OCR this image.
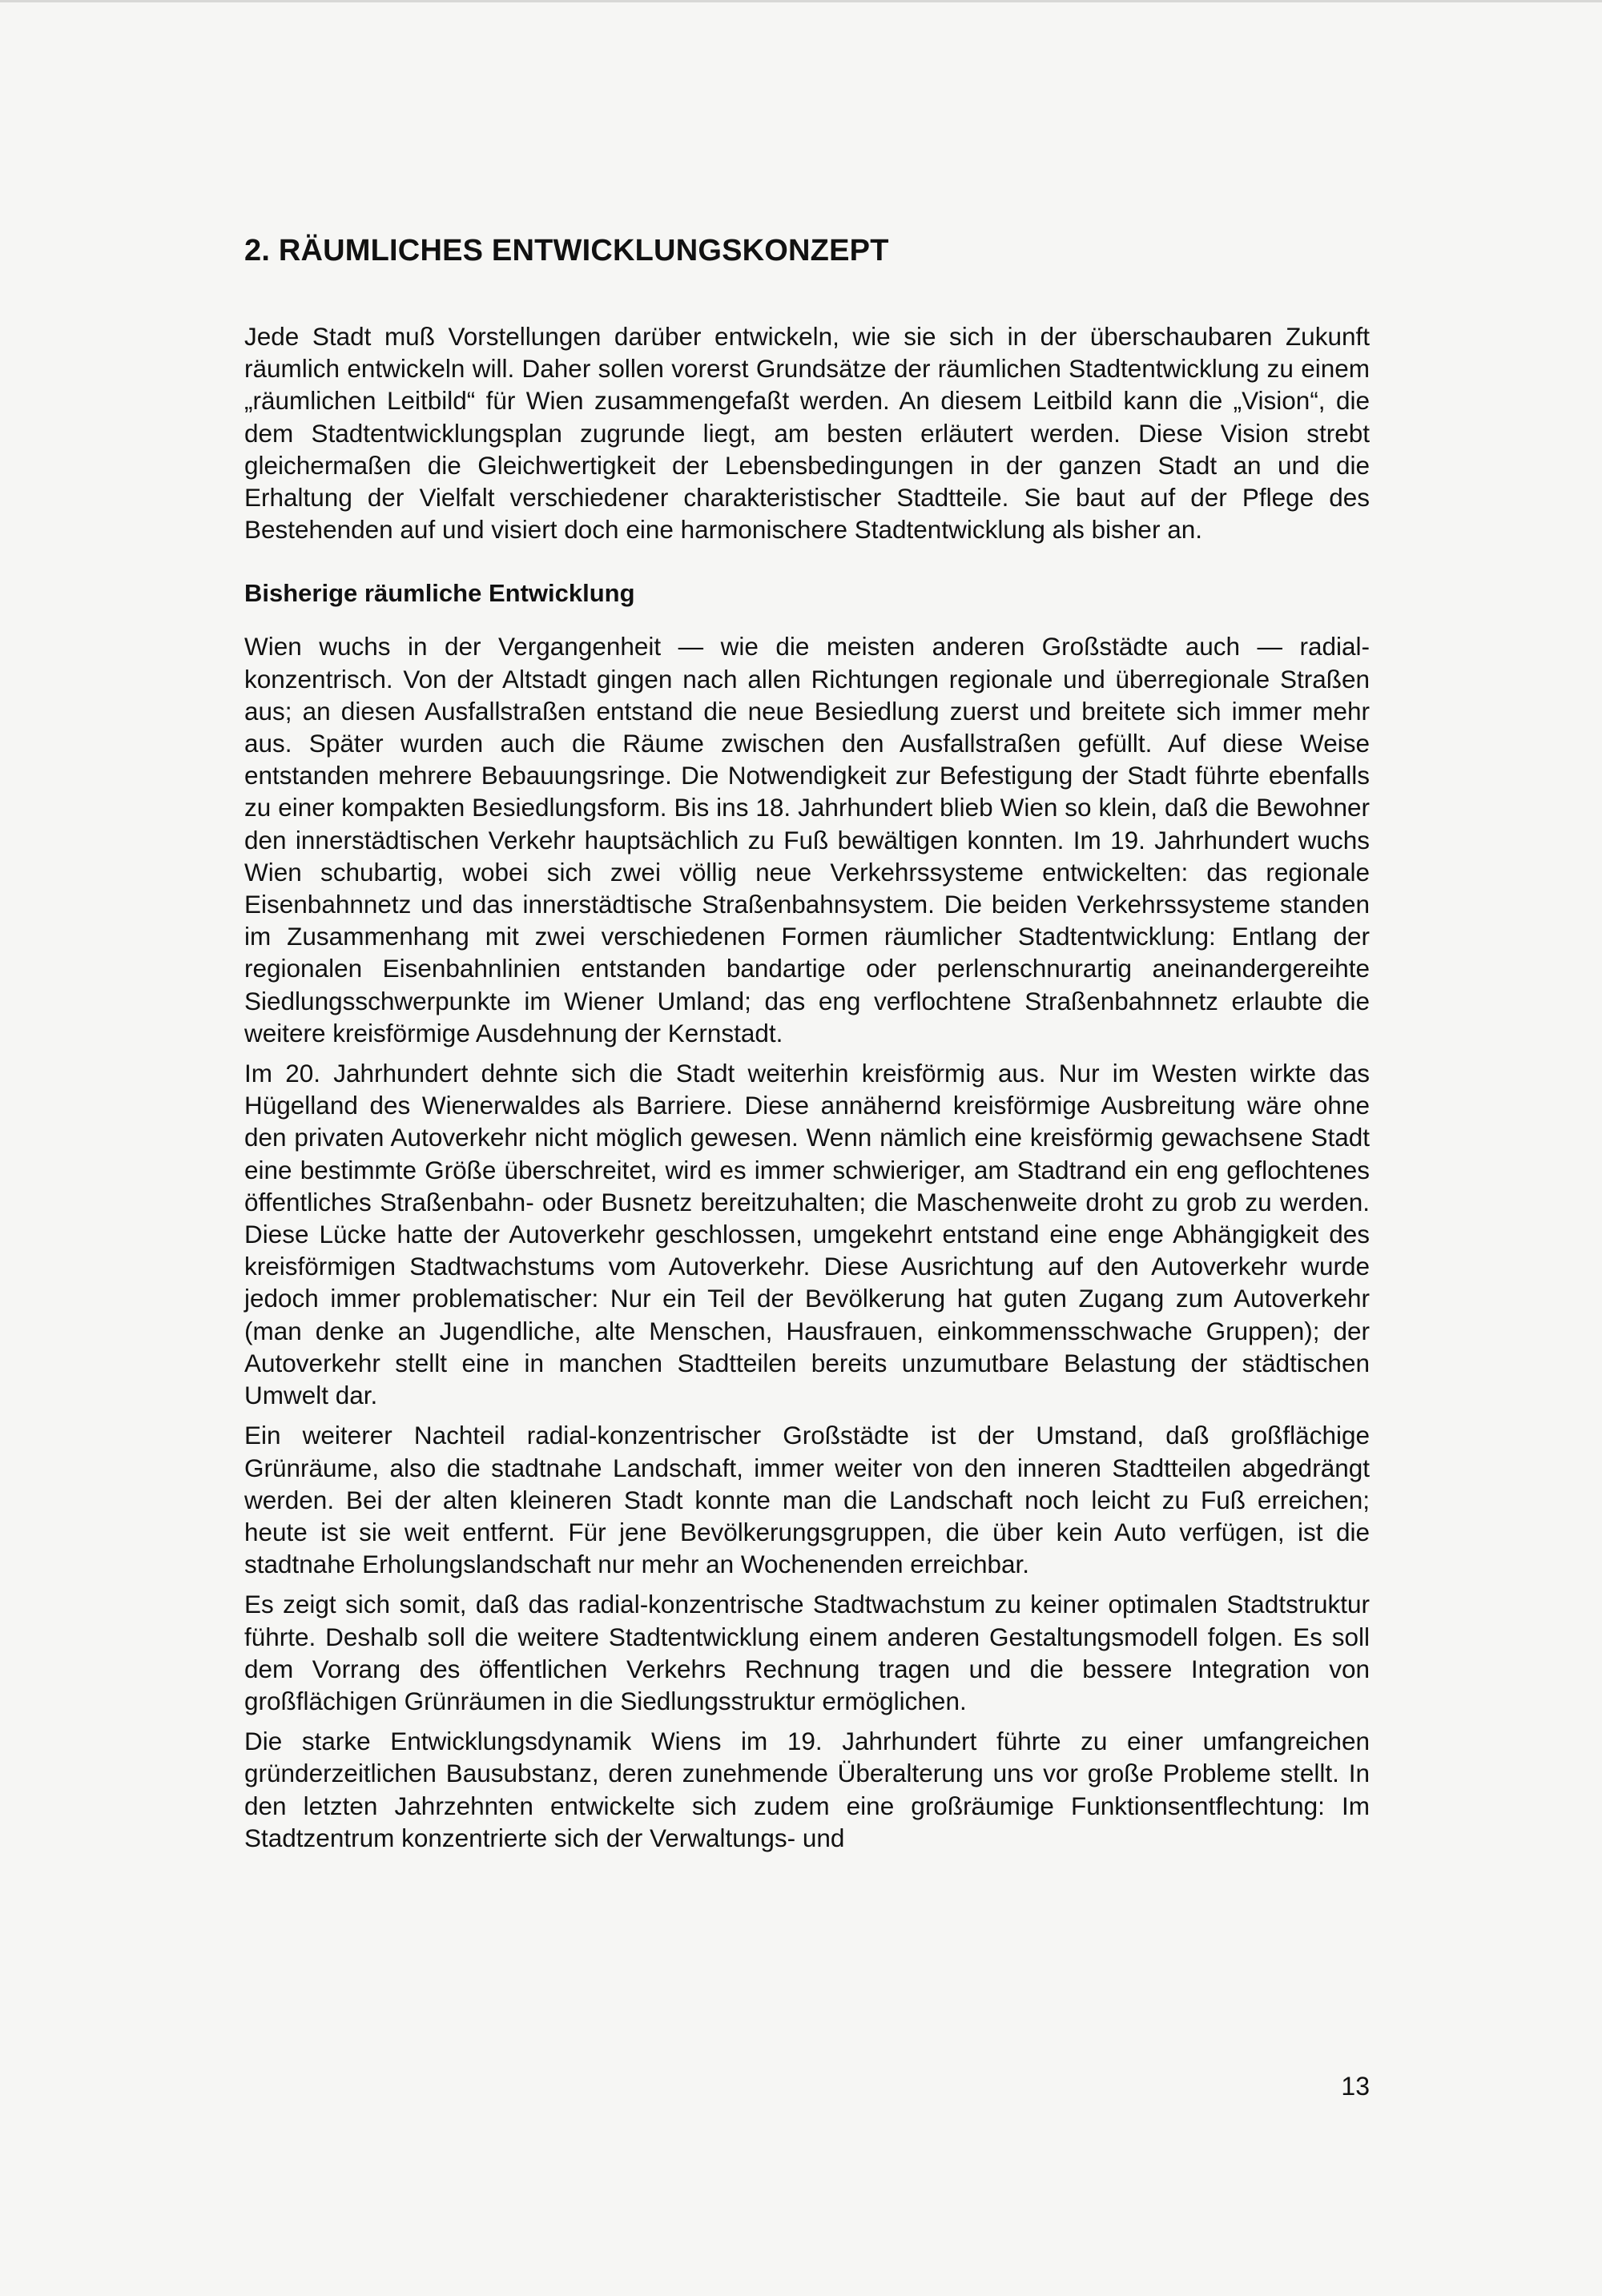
2. RÄUMLICHES ENTWICKLUNGSKONZEPT

Jede Stadt muß Vorstellungen darüber entwickeln, wie sie sich in der überschaubaren Zukunft räumlich entwickeln will. Daher sollen vorerst Grundsätze der räumlichen Stadtentwicklung zu einem „räumlichen Leitbild“ für Wien zusammengefaßt werden. An diesem Leitbild kann die „Vision“, die dem Stadtentwicklungsplan zugrunde liegt, am besten erläutert werden. Diese Vision strebt gleichermaßen die Gleichwertigkeit der Lebensbedingungen in der ganzen Stadt an und die Erhaltung der Vielfalt verschiedener charakteristischer Stadtteile. Sie baut auf der Pflege des Bestehenden auf und visiert doch eine harmonischere Stadtentwicklung als bisher an.

Bisherige räumliche Entwicklung

Wien wuchs in der Vergangenheit — wie die meisten anderen Großstädte auch — radial-konzentrisch. Von der Altstadt gingen nach allen Richtungen regionale und überregionale Straßen aus; an diesen Ausfallstraßen entstand die neue Besiedlung zuerst und breitete sich immer mehr aus. Später wurden auch die Räume zwischen den Ausfallstraßen gefüllt. Auf diese Weise entstanden mehrere Bebauungsringe. Die Notwendigkeit zur Befestigung der Stadt führte ebenfalls zu einer kompakten Besiedlungsform. Bis ins 18. Jahrhundert blieb Wien so klein, daß die Bewohner den innerstädtischen Verkehr hauptsächlich zu Fuß bewältigen konnten. Im 19. Jahrhundert wuchs Wien schubartig, wobei sich zwei völlig neue Verkehrssysteme entwickelten: das regionale Eisenbahnnetz und das innerstädtische Straßenbahnsystem. Die beiden Verkehrssysteme standen im Zusammenhang mit zwei verschiedenen Formen räumlicher Stadtentwicklung: Entlang der regionalen Eisenbahnlinien entstanden bandartige oder perlenschnurartig aneinandergereihte Siedlungsschwerpunkte im Wiener Umland; das eng verflochtene Straßenbahnnetz erlaubte die weitere kreisförmige Ausdehnung der Kernstadt.

Im 20. Jahrhundert dehnte sich die Stadt weiterhin kreisförmig aus. Nur im Westen wirkte das Hügelland des Wienerwaldes als Barriere. Diese annähernd kreisförmige Ausbreitung wäre ohne den privaten Autoverkehr nicht möglich gewesen. Wenn nämlich eine kreisförmig gewachsene Stadt eine bestimmte Größe überschreitet, wird es immer schwieriger, am Stadtrand ein eng geflochtenes öffentliches Straßenbahn- oder Busnetz bereitzuhalten; die Maschenweite droht zu grob zu werden. Diese Lücke hatte der Autoverkehr geschlossen, umgekehrt entstand eine enge Abhängigkeit des kreisförmigen Stadtwachstums vom Autoverkehr. Diese Ausrichtung auf den Autoverkehr wurde jedoch immer problematischer: Nur ein Teil der Bevölkerung hat guten Zugang zum Autoverkehr (man denke an Jugendliche, alte Menschen, Hausfrauen, einkommensschwache Gruppen); der Autoverkehr stellt eine in manchen Stadtteilen bereits unzumutbare Belastung der städtischen Umwelt dar.

Ein weiterer Nachteil radial-konzentrischer Großstädte ist der Umstand, daß großflächige Grünräume, also die stadtnahe Landschaft, immer weiter von den inneren Stadtteilen abgedrängt werden. Bei der alten kleineren Stadt konnte man die Landschaft noch leicht zu Fuß erreichen; heute ist sie weit entfernt. Für jene Bevölkerungsgruppen, die über kein Auto verfügen, ist die stadtnahe Erholungslandschaft nur mehr an Wochenenden erreichbar.

Es zeigt sich somit, daß das radial-konzentrische Stadtwachstum zu keiner optimalen Stadtstruktur führte. Deshalb soll die weitere Stadtentwicklung einem anderen Gestaltungsmodell folgen. Es soll dem Vorrang des öffentlichen Verkehrs Rechnung tragen und die bessere Integration von großflächigen Grünräumen in die Siedlungsstruktur ermöglichen.

Die starke Entwicklungsdynamik Wiens im 19. Jahrhundert führte zu einer umfangreichen gründerzeitlichen Bausubstanz, deren zunehmende Überalterung uns vor große Probleme stellt. In den letzten Jahrzehnten entwickelte sich zudem eine großräumige Funktionsentflechtung: Im Stadtzentrum konzentrierte sich der Verwaltungs- und

13
